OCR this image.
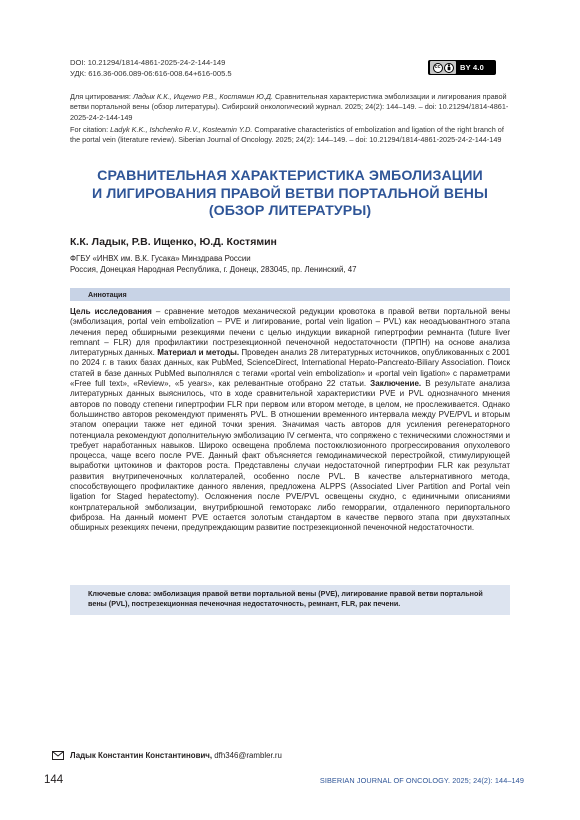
DOI: 10.21294/1814-4861-2025-24-2-144-149
УДК: 616.36-006.089-06:616-008.64+616-005.5
cc	BY 4.0
Для цитирования: Ладык К.К., Ищенко Р.В., Костямин Ю.Д. Сравнительная характеристика эмболизации и лигирования правой ветви портальной вены (обзор литературы). Сибирский онкологический журнал. 2025; 24(2): 144–149. – doi: 10.21294/1814-4861-2025-24-2-144-149
For citation: Ladyk K.K., Ishchenko R.V., Kosteamin Y.D. Comparative characteristics of embolization and ligation of the right branch of the portal vein (literature review). Siberian Journal of Oncology. 2025; 24(2): 144–149. – doi: 10.21294/1814-4861-2025-24-2-144-149
СРАВНИТЕЛЬНАЯ ХАРАКТЕРИСТИКА ЭМБОЛИЗАЦИИ
И ЛИГИРОВАНИЯ ПРАВОЙ ВЕТВИ ПОРТАЛЬНОЙ ВЕНЫ
(ОБЗОР ЛИТЕРАТУРЫ)
К.К. Ладык, Р.В. Ищенко, Ю.Д. Костямин
ФГБУ «ИНВХ им. В.К. Гусака» Минздрава России
Россия, Донецкая Народная Республика, г. Донецк, 283045, пр. Ленинский, 47
Аннотация
Цель исследования – сравнение методов механической редукции кровотока в правой ветви портальной вены (эмболизация, portal vein embolization – PVE и лигирование, portal vein ligation – PVL) как неоадъювантного этапа лечения перед обширными резекциями печени с целью индукции викарной гипертрофии ремнанта (future liver remnant – FLR) для профилактики пострезекционной печеночной недостаточности (ПРПН) на основе анализа литературных данных. Материал и методы. Проведен анализ 28 литературных источников, опубликованных с 2001 по 2024 г. в таких базах данных, как PubMed, ScienceDirect, International Hepato-Pancreato-Biliary Association. Поиск статей в базе данных PubMed выполнялся с тегами «portal vein embolization» и «portal vein ligation» с параметрами «Free full text», «Review», «5 years», как релевантные отобрано 22 статьи. Заключение. В результате анализа литературных данных выяснилось, что в ходе сравнительной характеристики PVE и PVL однозначного мнения авторов по поводу степени гипертрофии FLR при первом или втором методе, в целом, не прослеживается. Однако большинство авторов рекомендуют применять PVL. В отношении временного интервала между PVE/PVL и вторым этапом операции также нет единой точки зрения. Значимая часть авторов для усиления регенераторного потенциала рекомендуют дополнительную эмболизацию IV сегмента, что сопряжено с техническими сложностями и требует наработанных навыков. Широко освещена проблема постокклюзионного прогрессирования опухолевого процесса, чаще всего после PVE. Данный факт объясняется гемодинамической перестройкой, стимулирующей выработки цитокинов и факторов роста. Представлены случаи недостаточной гипертрофии FLR как результат развития внутрипеченочных коллатералей, особенно после PVL. В качестве альтернативного метода, способствующего профилактике данного явления, предложена ALPPS (Associated Liver Partition and Portal vein ligation for Staged hepatectomy). Осложнения после PVE/PVL освещены скудно, с единичными описаниями контрлатеральной эмболизации, внутрибрюшной гемоторакс либо геморрагии, отдаленного перипортального фиброза. На данный момент PVE остается золотым стандартом в качестве первого этапа при двухэтапных обширных резекциях печени, предупреждающим развитие пострезекционной печеночной недостаточности.
Ключевые слова: эмболизация правой ветви портальной вены (PVE), лигирование правой ветви портальной вены (PVL), пострезекционная печеночная недостаточность, ремнант, FLR, рак печени.
Ладык Константин Константинович, dfh346@rambler.ru
144	SIBERIAN JOURNAL OF ONCOLOGY. 2025; 24(2): 144–149
